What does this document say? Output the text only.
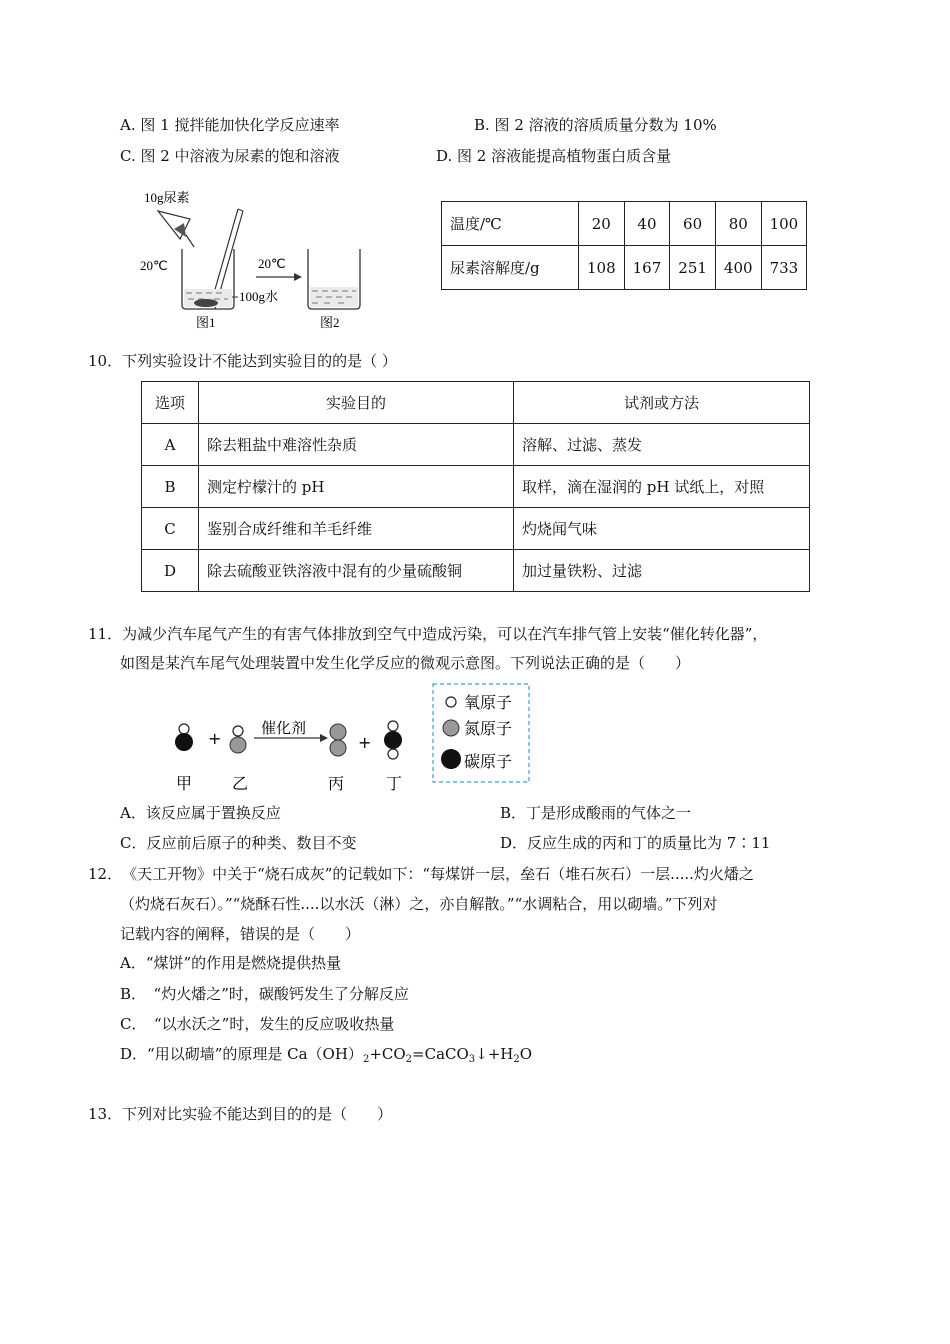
A. 图 1 搅拌能加快化学反应速率	B. 图 2 溶液的溶质质量分数为 10%
C. 图 2 中溶液为尿素的饱和溶液	D. 图 2 溶液能提高植物蛋白质含量
10g尿素
20℃
100g水
20℃
图1	图2
温度/℃	20	40	60	80	100
尿素溶解度/g	108	167	251	400	733
10．下列实验设计不能达到实验目的的是（ ）
选项	实验目的	试剂或方法
A	除去粗盐中难溶性杂质	溶解、过滤、蒸发
B	测定柠檬汁的 pH	取样，滴在湿润的 pH 试纸上，对照
C	鉴别合成纤维和羊毛纤维	灼烧闻气味
D	除去硫酸亚铁溶液中混有的少量硫酸铜	加过量铁粉、过滤
11．为减少汽车尾气产生的有害气体排放到空气中造成污染，可以在汽车排气管上安装“催化转化器”，
如图是某汽车尾气处理装置中发生化学反应的微观示意图。下列说法正确的是（　　）
+
催化剂
+
甲 乙	丙	丁
氧原子
氮原子
碳原子
A．该反应属于置换反应	B．丁是形成酸雨的气体之一
C．反应前后原子的种类、数目不变	D．反应生成的丙和丁的质量比为 7∶11
12．　《天工开物》中关于“烧石成灰”的记载如下：“每煤饼一层，垒石（堆石灰石）一层.....灼火燔之
（灼烧石灰石）。”“烧酥石性....以水沃（淋）之，亦自解散。”“水调粘合，用以砌墙。”下列对
记载内容的阐释，错误的是（　　）
A．“煤饼”的作用是燃烧提供热量
B．　“灼火燔之”时，碳酸钙发生了分解反应
C．　“以水沃之”时，发生的反应吸收热量
D．“用以砌墙”的原理是 $Ca(OH)_2+CO_2=CaCO_3↓+H_2O$
13．下列对比实验不能达到目的的是（　　）
